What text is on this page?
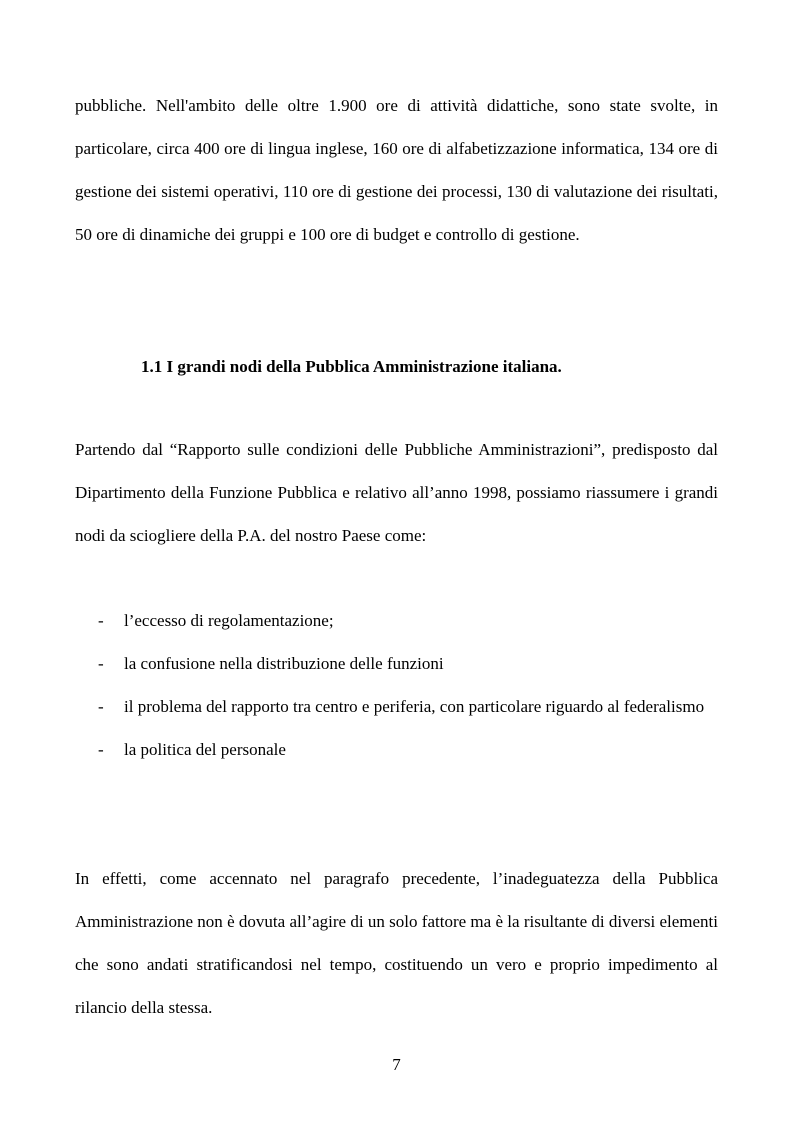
pubbliche. Nell'ambito delle oltre 1.900 ore di attività didattiche, sono state svolte, in particolare, circa 400 ore di lingua inglese, 160 ore di alfabetizzazione informatica, 134 ore di gestione dei sistemi operativi, 110 ore di gestione dei processi, 130 di valutazione dei risultati, 50 ore di dinamiche dei gruppi e 100 ore di budget e controllo di gestione.

1.1 I grandi nodi della Pubblica Amministrazione italiana.

Partendo dal “Rapporto sulle condizioni delle Pubbliche Amministrazioni”, predisposto dal Dipartimento della Funzione Pubblica e relativo all’anno 1998, possiamo riassumere i grandi nodi da sciogliere della P.A. del nostro Paese come:

- l’eccesso di regolamentazione;
- la confusione nella distribuzione delle funzioni
- il problema del rapporto tra centro e periferia, con particolare riguardo al federalismo
- la politica del personale

In effetti, come accennato nel paragrafo precedente, l’inadeguatezza della Pubblica Amministrazione non è dovuta all’agire di un solo fattore ma è la risultante di diversi elementi che sono andati stratificandosi nel tempo, costituendo un vero e proprio impedimento al rilancio della stessa.

7
